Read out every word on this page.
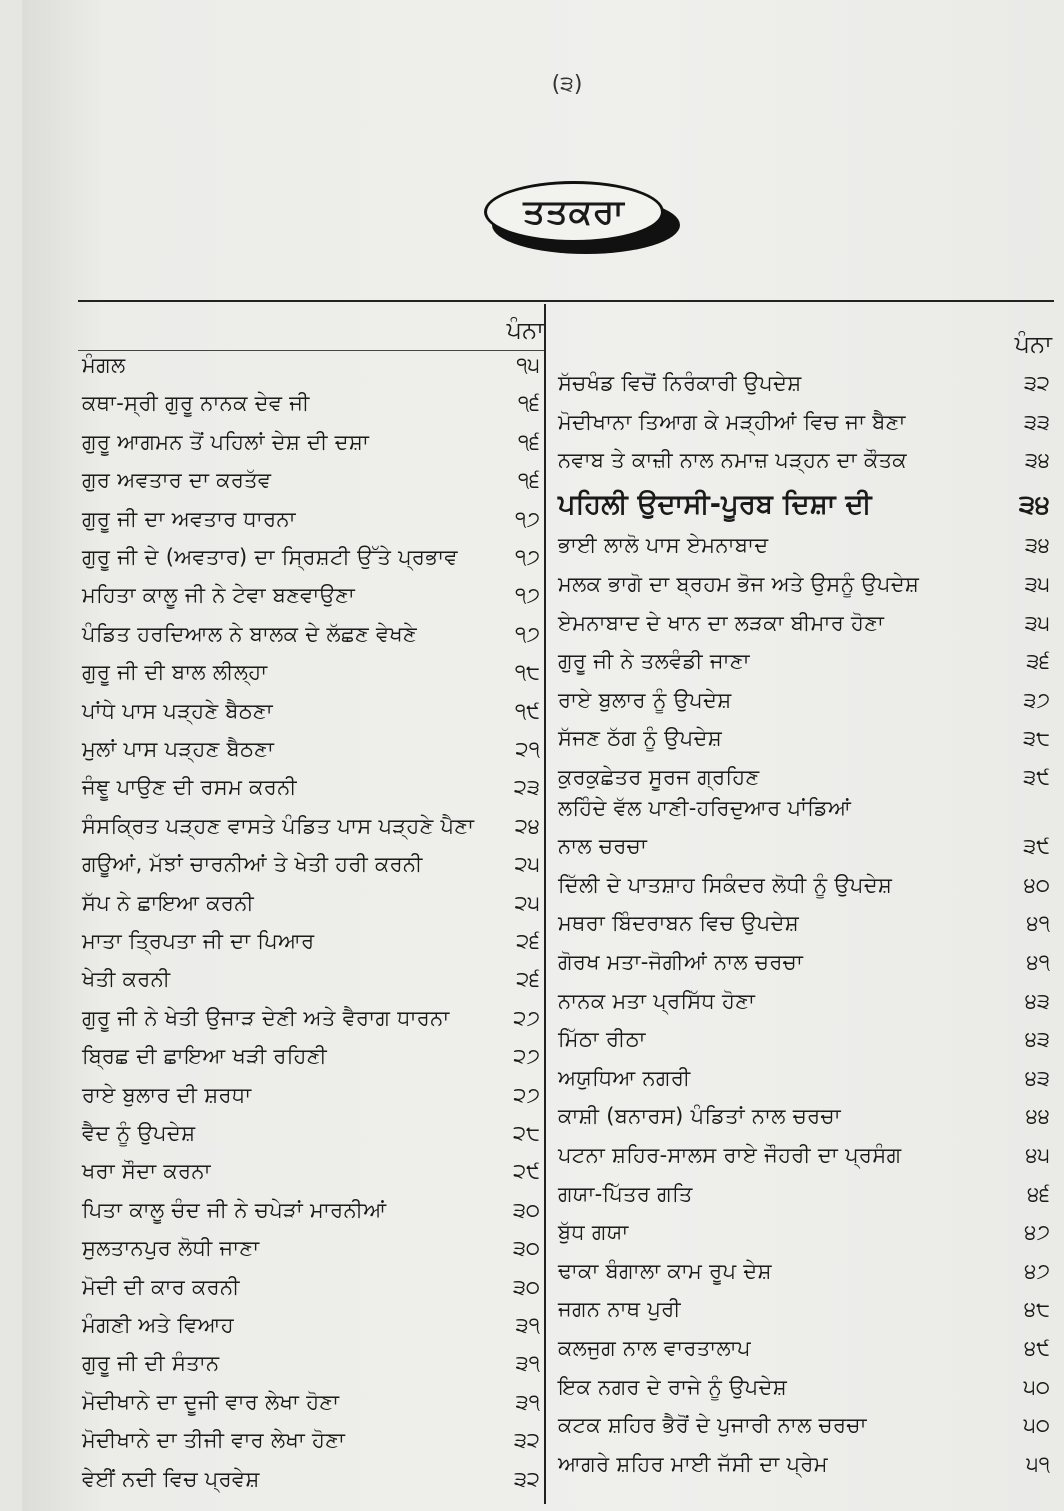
(੩)
ਤਤਕਰਾ
ਪੰਨਾ	ਪੰਨਾ
ਮੰਗਲ	੧੫
ਕਥਾ-ਸ੍ਰੀ ਗੁਰੂ ਨਾਨਕ ਦੇਵ ਜੀ	੧੬
ਗੁਰੂ ਆਗਮਨ ਤੋਂ ਪਹਿਲਾਂ ਦੇਸ਼ ਦੀ ਦਸ਼ਾ	੧੬
ਗੁਰ ਅਵਤਾਰ ਦਾ ਕਰਤੱਵ	੧੬
ਗੁਰੂ ਜੀ ਦਾ ਅਵਤਾਰ ਧਾਰਨਾ	੧੭
ਗੁਰੂ ਜੀ ਦੇ (ਅਵਤਾਰ) ਦਾ ਸ੍ਰਿਸ਼ਟੀ ਉੱਤੇ ਪ੍ਰਭਾਵ	੧੭
ਮਹਿਤਾ ਕਾਲੂ ਜੀ ਨੇ ਟੇਵਾ ਬਣਵਾਉਣਾ	੧੭
ਪੰਡਿਤ ਹਰਦਿਆਲ ਨੇ ਬਾਲਕ ਦੇ ਲੱਛਣ ਵੇਖਣੇ	੧੭
ਗੁਰੂ ਜੀ ਦੀ ਬਾਲ ਲੀਲ੍ਹਾ	੧੮
ਪਾਂਧੇ ਪਾਸ ਪੜ੍ਹਣੇ ਬੈਠਣਾ	੧੯
ਮੁਲਾਂ ਪਾਸ ਪੜ੍ਹਣ ਬੈਠਣਾ	੨੧
ਜੰਞੂ ਪਾਉਣ ਦੀ ਰਸਮ ਕਰਨੀ	੨੩
ਸੰਸਕ੍ਰਿਤ ਪੜ੍ਹਣ ਵਾਸਤੇ ਪੰਡਿਤ ਪਾਸ ਪੜ੍ਹਣੇ ਪੈਣਾ	੨੪
ਗਊਆਂ, ਮੱਝਾਂ ਚਾਰਨੀਆਂ ਤੇ ਖੇਤੀ ਹਰੀ ਕਰਨੀ	੨੫
ਸੱਪ ਨੇ ਛਾਇਆ ਕਰਨੀ	੨੫
ਮਾਤਾ ਤ੍ਰਿਪਤਾ ਜੀ ਦਾ ਪਿਆਰ	੨੬
ਖੇਤੀ ਕਰਨੀ	੨੬
ਗੁਰੂ ਜੀ ਨੇ ਖੇਤੀ ਉਜਾੜ ਦੇਣੀ ਅਤੇ ਵੈਰਾਗ ਧਾਰਨਾ	੨੭
ਬ੍ਰਿਛ ਦੀ ਛਾਇਆ ਖੜੀ ਰਹਿਣੀ	੨੭
ਰਾਏ ਬੁਲਾਰ ਦੀ ਸ਼ਰਧਾ	੨੭
ਵੈਦ ਨੂੰ ਉਪਦੇਸ਼	੨੮
ਖਰਾ ਸੌਦਾ ਕਰਨਾ	੨੯
ਪਿਤਾ ਕਾਲੂ ਚੰਦ ਜੀ ਨੇ ਚਪੇੜਾਂ ਮਾਰਨੀਆਂ	੩੦
ਸੁਲਤਾਨਪੁਰ ਲੋਧੀ ਜਾਣਾ	੩੦
ਮੋਦੀ ਦੀ ਕਾਰ ਕਰਨੀ	੩੦
ਮੰਗਣੀ ਅਤੇ ਵਿਆਹ	੩੧
ਗੁਰੂ ਜੀ ਦੀ ਸੰਤਾਨ	੩੧
ਮੋਦੀਖਾਨੇ ਦਾ ਦੂਜੀ ਵਾਰ ਲੇਖਾ ਹੋਣਾ	੩੧
ਮੋਦੀਖਾਨੇ ਦਾ ਤੀਜੀ ਵਾਰ ਲੇਖਾ ਹੋਣਾ	੩੨
ਵੇਈਂ ਨਦੀ ਵਿਚ ਪ੍ਰਵੇਸ਼	੩੨
ਸੱਚਖੰਡ ਵਿਚੋਂ ਨਿਰੰਕਾਰੀ ਉਪਦੇਸ਼	੩੨
ਮੋਦੀਖਾਨਾ ਤਿਆਗ ਕੇ ਮੜ੍ਹੀਆਂ ਵਿਚ ਜਾ ਬੈਣਾ	੩੩
ਨਵਾਬ ਤੇ ਕਾਜ਼ੀ ਨਾਲ ਨਮਾਜ਼ ਪੜ੍ਹਨ ਦਾ ਕੌਤਕ	੩੪
ਪਹਿਲੀ ਉਦਾਸੀ-ਪੂਰਬ ਦਿਸ਼ਾ ਦੀ	੩੪
ਭਾਈ ਲਾਲੋ ਪਾਸ ਏਮਨਾਬਾਦ	੩੪
ਮਲਕ ਭਾਗੋ ਦਾ ਬ੍ਰਹਮ ਭੋਜ ਅਤੇ ਉਸਨੂੰ ਉਪਦੇਸ਼	੩੫
ਏਮਨਾਬਾਦ ਦੇ ਖਾਨ ਦਾ ਲੜਕਾ ਬੀਮਾਰ ਹੋਣਾ	੩੫
ਗੁਰੂ ਜੀ ਨੇ ਤਲਵੰਡੀ ਜਾਣਾ	੩੬
ਰਾਏ ਬੁਲਾਰ ਨੂੰ ਉਪਦੇਸ਼	੩੭
ਸੱਜਣ ਠੱਗ ਨੂੰ ਉਪਦੇਸ਼	੩੮
ਕੁਰਕੁਛੇਤਰ ਸੂਰਜ ਗ੍ਰਹਿਣ	੩੯
ਲਹਿੰਦੇ ਵੱਲ ਪਾਣੀ-ਹਰਿਦੁਆਰ ਪਾਂਡਿਆਂ
ਨਾਲ ਚਰਚਾ	੩੯
ਦਿੱਲੀ ਦੇ ਪਾਤਸ਼ਾਹ ਸਿਕੰਦਰ ਲੋਧੀ ਨੂੰ ਉਪਦੇਸ਼	੪੦
ਮਥਰਾ ਬਿੰਦਰਾਬਨ ਵਿਚ ਉਪਦੇਸ਼	੪੧
ਗੋਰਖ ਮਤਾ-ਜੋਗੀਆਂ ਨਾਲ ਚਰਚਾ	੪੧
ਨਾਨਕ ਮਤਾ ਪ੍ਰਸਿੱਧ ਹੋਣਾ	੪੩
ਮਿੱਠਾ ਰੀਠਾ	੪੩
ਅਯੁਧਿਆ ਨਗਰੀ	੪੩
ਕਾਸ਼ੀ (ਬਨਾਰਸ) ਪੰਡਿਤਾਂ ਨਾਲ ਚਰਚਾ	੪੪
ਪਟਨਾ ਸ਼ਹਿਰ-ਸਾਲਸ ਰਾਏ ਜੌਹਰੀ ਦਾ ਪ੍ਰਸੰਗ	੪੫
ਗਯਾ-ਪਿੱਤਰ ਗਤਿ	੪੬
ਬੁੱਧ ਗਯਾ	੪੭
ਢਾਕਾ ਬੰਗਾਲਾ ਕਾਮ ਰੂਪ ਦੇਸ਼	੪੭
ਜਗਨ ਨਾਥ ਪੁਰੀ	੪੮
ਕਲਜੁਗ ਨਾਲ ਵਾਰਤਾਲਾਪ	੪੯
ਇਕ ਨਗਰ ਦੇ ਰਾਜੇ ਨੂੰ ਉਪਦੇਸ਼	੫੦
ਕਟਕ ਸ਼ਹਿਰ ਭੈਰੋਂ ਦੇ ਪੁਜਾਰੀ ਨਾਲ ਚਰਚਾ	੫੦
ਆਗਰੇ ਸ਼ਹਿਰ ਮਾਈ ਜੱਸੀ ਦਾ ਪ੍ਰੇਮ	੫੧
